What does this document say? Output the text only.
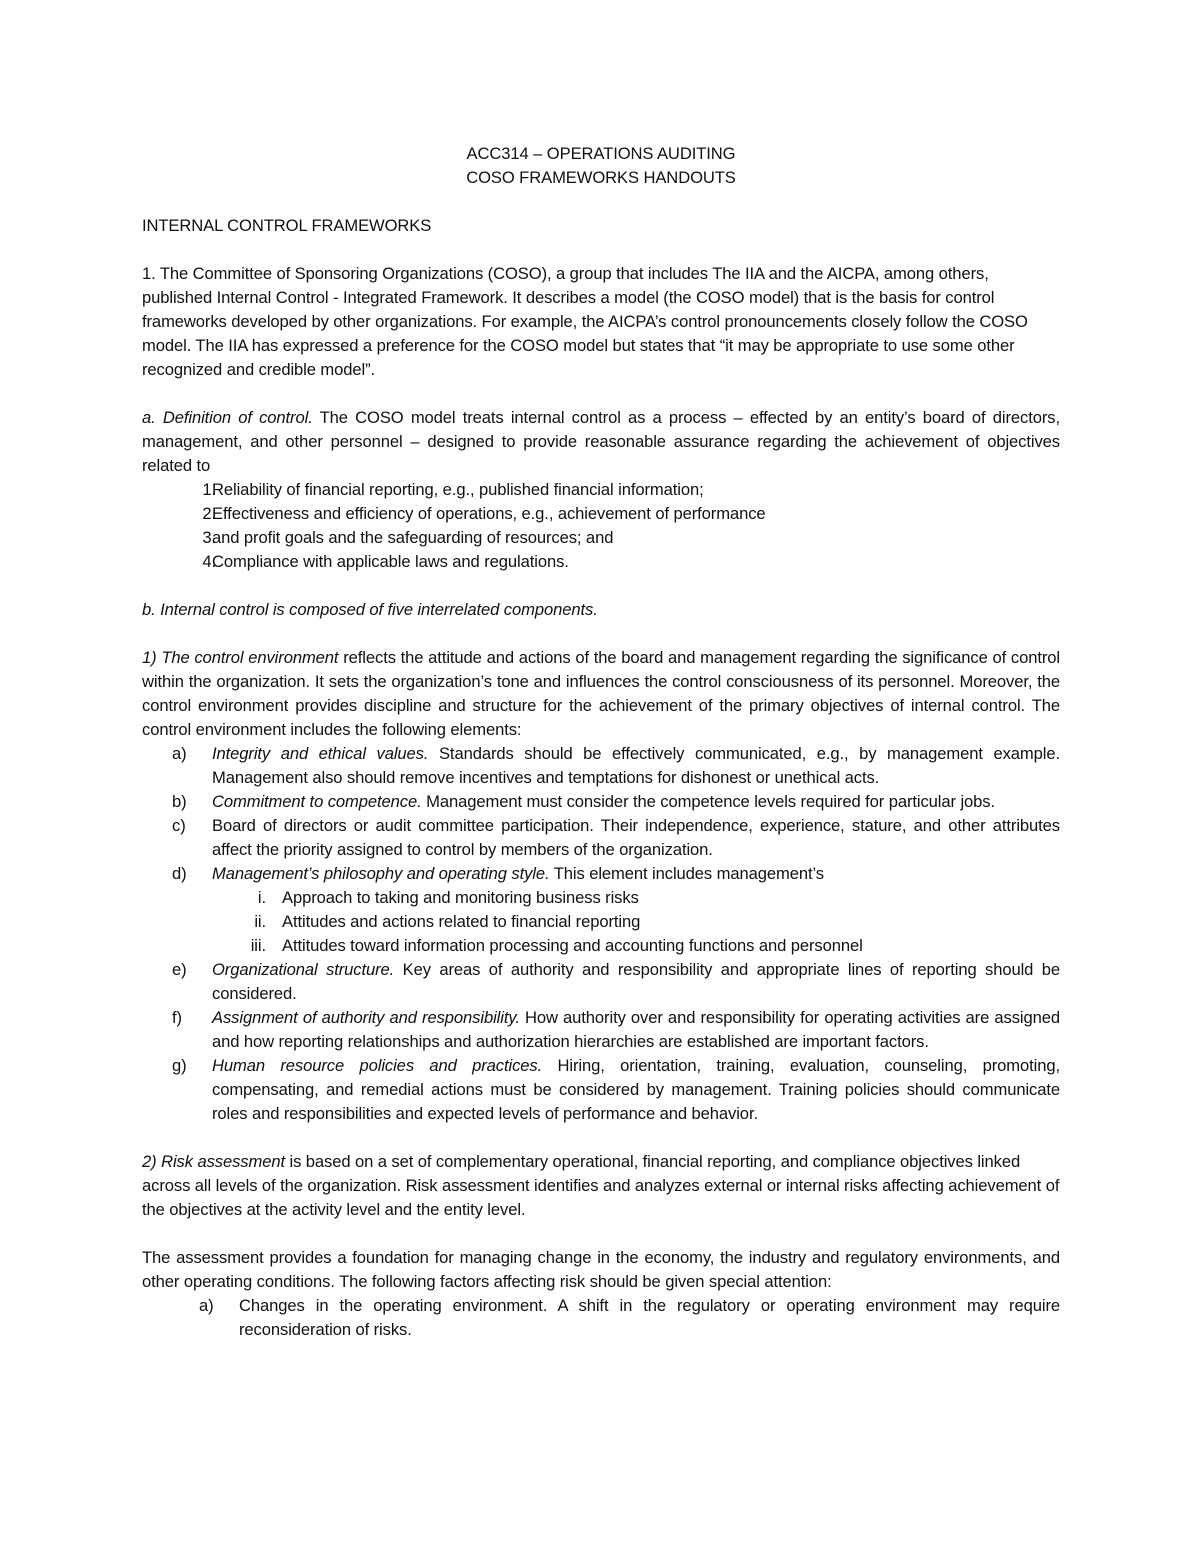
ACC314 – OPERATIONS AUDITING

COSO FRAMEWORKS HANDOUTS

INTERNAL CONTROL FRAMEWORKS

1. The Committee of Sponsoring Organizations (COSO), a group that includes The IIA and the AICPA, among others, published Internal Control - Integrated Framework. It describes a model (the COSO model) that is the basis for control frameworks developed by other organizations. For example, the AICPA’s control pronouncements closely follow the COSO model. The IIA has expressed a preference for the COSO model but states that “it may be appropriate to use some other recognized and credible model”.

a. Definition of control. The COSO model treats internal control as a process – effected by an entity’s board of directors, management, and other personnel – designed to provide reasonable assurance regarding the achievement of objectives related to

1.
Reliability of financial reporting, e.g., published financial information;
2.
Effectiveness and efficiency of operations, e.g., achievement of performance
3.
and profit goals and the safeguarding of resources; and
4.
Compliance with applicable laws and regulations.

b. Internal control is composed of five interrelated components.

1) The control environment reflects the attitude and actions of the board and management regarding the significance of control within the organization. It sets the organization’s tone and influences the control consciousness of its personnel. Moreover, the control environment provides discipline and structure for the achievement of the primary objectives of internal control. The control environment includes the following elements:

a)	Integrity and ethical values. Standards should be effectively communicated, e.g., by management example. Management also should remove incentives and temptations for dishonest or unethical acts.
b)	Commitment to competence. Management must consider the competence levels required for particular jobs.
c)	Board of directors or audit committee participation. Their independence, experience, stature, and other attributes affect the priority assigned to control by members of the organization.
d)	Management’s philosophy and operating style. This element includes management’s
i. Approach to taking and monitoring business risks
ii. Attitudes and actions related to financial reporting
iii. Attitudes toward information processing and accounting functions and personnel
e)	Organizational structure. Key areas of authority and responsibility and appropriate lines of reporting should be considered.
f)	Assignment of authority and responsibility. How authority over and responsibility for operating activities are assigned and how reporting relationships and authorization hierarchies are established are important factors.
g)	Human resource policies and practices. Hiring, orientation, training, evaluation, counseling, promoting, compensating, and remedial actions must be considered by management. Training policies should communicate roles and responsibilities and expected levels of performance and behavior.

2) Risk assessment is based on a set of complementary operational, financial reporting, and compliance objectives linked across all levels of the organization. Risk assessment identifies and analyzes external or internal risks affecting achievement of the objectives at the activity level and the entity level.

The assessment provides a foundation for managing change in the economy, the industry and regulatory environments, and other operating conditions. The following factors affecting risk should be given special attention:

a)	Changes in the operating environment. A shift in the regulatory or operating environment may require reconsideration of risks.
